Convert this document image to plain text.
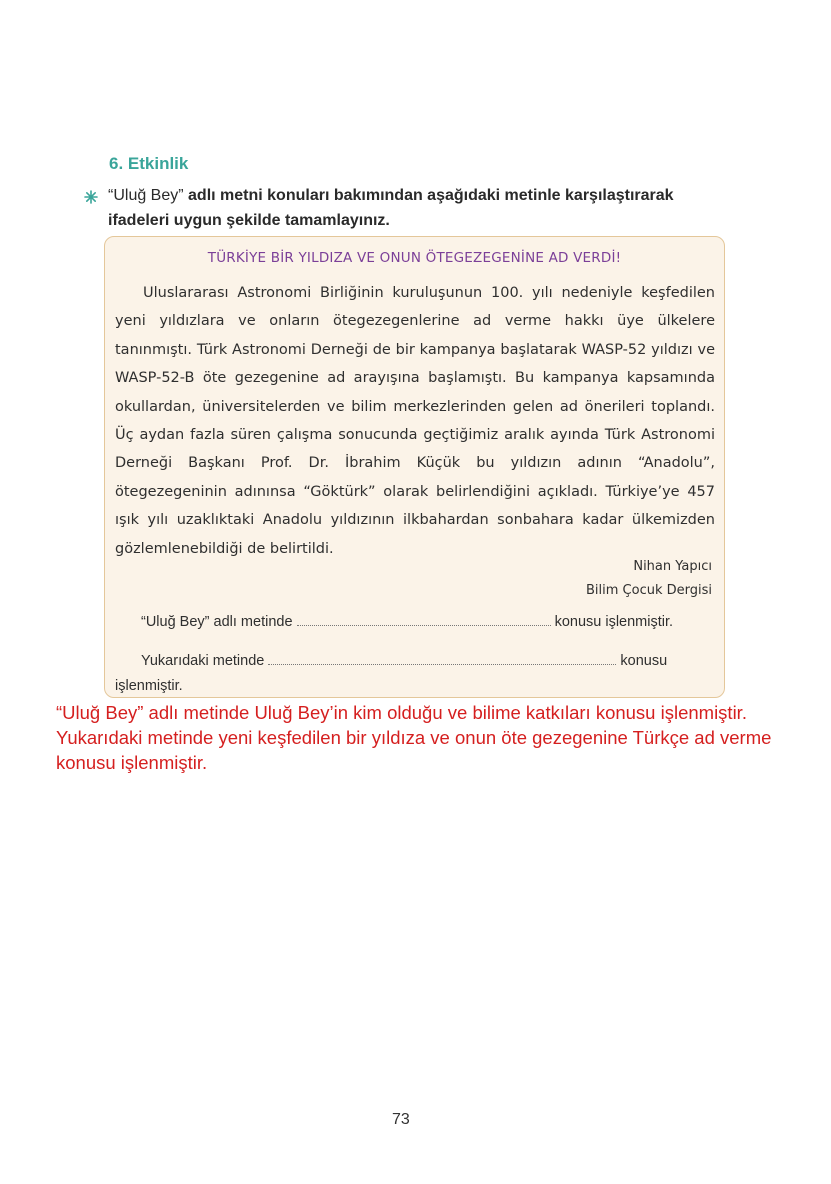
6. Etkinlik
“Uluğ Bey” adlı metni konuları bakımından aşağıdaki metinle karşılaştırarak ifadeleri uygun şekilde tamamlayınız.
TÜRKİYE BİR YILDIZA VE ONUN ÖTEGEZEGENİNE AD VERDİ!
Uluslararası Astronomi Birliğinin kuruluşunun 100. yılı nedeniyle keşfedilen yeni yıldızlara ve onların ötegezegenlerine ad verme hakkı üye ülkelere tanınmıştı. Türk Astronomi Derneği de bir kampanya başlatarak WASP-52 yıldızı ve WASP-52-B öte gezegenine ad arayışına başlamıştı. Bu kampanya kapsamında okullardan, üniversitelerden ve bilim merkezlerinden gelen ad önerileri toplandı. Üç aydan fazla süren çalışma sonucunda geçtiğimiz aralık ayında Türk Astronomi Derneği Başkanı Prof. Dr. İbrahim Küçük bu yıldızın adının “Anadolu”, ötegezegeninin adınınsa “Göktürk” olarak belirlendiğini açıkladı. Türkiye’ye 457 ışık yılı uzaklıktaki Anadolu yıldızının ilkbahardan sonbahara kadar ülkemizden gözlemlenebildiği de belirtildi.
Nihan Yapıcı
Bilim Çocuk Dergisi
“Uluğ Bey” adlı metinde	konusu işlenmiştir.
Yukarıdaki metinde	konusu işlenmiştir.
“Uluğ Bey” adlı metinde Uluğ Bey’in kim olduğu ve bilime katkıları konusu işlenmiştir.
Yukarıdaki metinde yeni keşfedilen bir yıldıza ve onun öte gezegenine Türkçe ad verme
konusu işlenmiştir.
73
